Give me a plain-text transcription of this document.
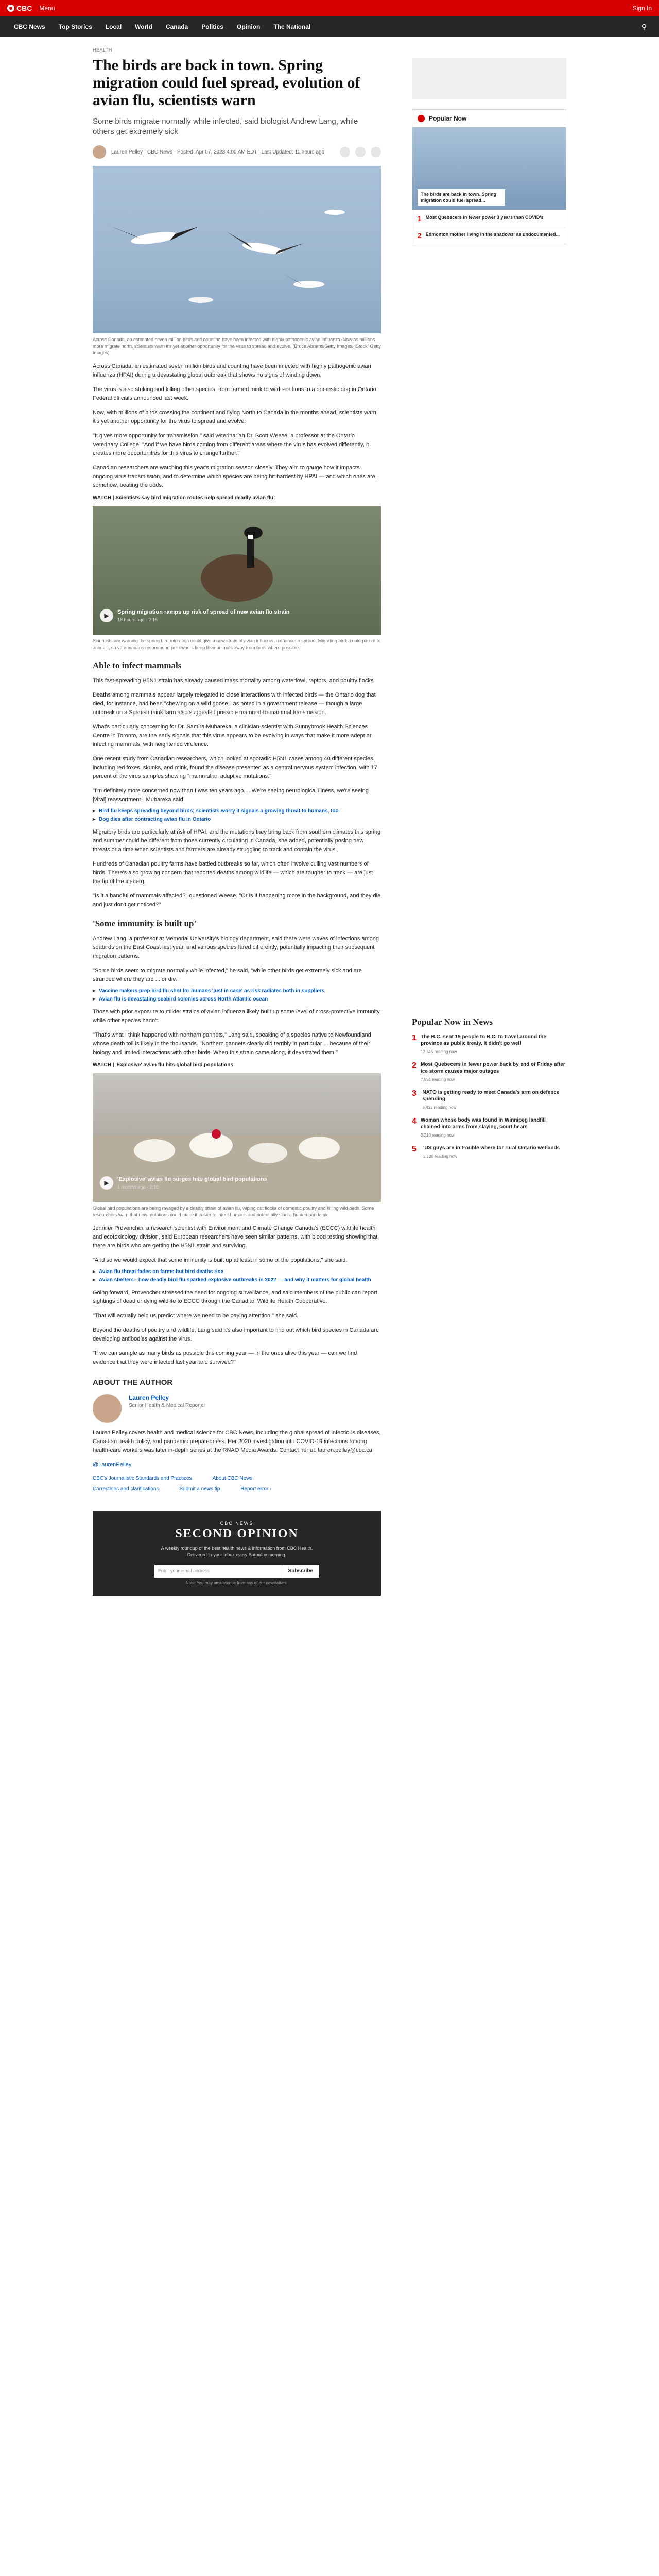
CBC Menu	Sign In
CBC News	Top Stories	Local	World	Canada	Politics	Opinion	The National	⚲
HEALTH
The birds are back in town. Spring migration could fuel spread, evolution of avian flu, scientists warn
Some birds migrate normally while infected, said biologist Andrew Lang, while others get extremely sick
Lauren Pelley · CBC News · Posted: Apr 07, 2023 4:00 AM EDT | Last Updated: 11 hours ago
Across Canada, an estimated seven million birds and counting have been infected with highly pathogenic avian influenza. Now as millions more migrate north, scientists warn it's yet another opportunity for the virus to spread and evolve. (Bruce Abrams/Getty Images/ iStock/ Getty Images)

Across Canada, an estimated seven million birds and counting have been infected with highly pathogenic avian influenza (HPAI) during a devastating global outbreak that shows no signs of winding down.

The virus is also striking and killing other species, from farmed mink to wild sea lions to a domestic dog in Ontario. Federal officials announced last week.

Now, with millions of birds crossing the continent and flying North to Canada in the months ahead, scientists warn it's yet another opportunity for the virus to spread and evolve.

"It gives more opportunity for transmission," said veterinarian Dr. Scott Weese, a professor at the Ontario Veterinary College. "And if we have birds coming from different areas where the virus has evolved differently, it creates more opportunities for this virus to change further."

Canadian researchers are watching this year's migration season closely. They aim to gauge how it impacts ongoing virus transmission, and to determine which species are being hit hardest by HPAI — and which ones are, somehow, beating the odds.

WATCH | Scientists say bird migration routes help spread deadly avian flu:
▶	Spring migration ramps up risk of spread of new avian flu strain
18 hours ago · 2:15
Scientists are warning the spring bird migration could give a new strain of avian influenza a chance to spread. Migrating birds could pass it to animals, so veterinarians recommend pet owners keep their animals away from birds where possible.
Able to infect mammals

This fast-spreading H5N1 strain has already caused mass mortality among waterfowl, raptors, and poultry flocks.

Deaths among mammals appear largely relegated to close interactions with infected birds — the Ontario dog that died, for instance, had been "chewing on a wild goose," as noted in a government release — though a large outbreak on a Spanish mink farm also suggested possible mammal-to-mammal transmission.

What's particularly concerning for Dr. Samira Mubareka, a clinician-scientist with Sunnybrook Health Sciences Centre in Toronto, are the early signals that this virus appears to be evolving in ways that make it more adept at infecting mammals, with heightened virulence.

One recent study from Canadian researchers, which looked at sporadic H5N1 cases among 40 different species including red foxes, skunks, and mink, found the disease presented as a central nervous system infection, with 17 percent of the virus samples showing "mammalian adaptive mutations."

"I'm definitely more concerned now than I was ten years ago.... We're seeing neurological illness, we're seeing [viral] reassortment," Mubareka said.

▸ Bird flu keeps spreading beyond birds; scientists worry it signals a growing threat to humans, too
▸ Dog dies after contracting avian flu in Ontario

Migratory birds are particularly at risk of HPAI, and the mutations they bring back from southern climates this spring and summer could be different from those currently circulating in Canada, she added, potentially posing new threats or a time when scientists and farmers are already struggling to track and contain the virus.

Hundreds of Canadian poultry farms have battled outbreaks so far, which often involve culling vast numbers of birds. There's also growing concern that reported deaths among wildlife — which are tougher to track — are just the tip of the iceberg.

"Is it a handful of mammals affected?" questioned Weese. "Or is it happening more in the background, and they die and just don't get noticed?"

'Some immunity is built up'

Andrew Lang, a professor at Memorial University's biology department, said there were waves of infections among seabirds on the East Coast last year, and various species fared differently, potentially impacting their subsequent migration patterns.

"Some birds seem to migrate normally while infected," he said, "while other birds get extremely sick and are stranded where they are ... or die."

▸ Vaccine makers prep bird flu shot for humans 'just in case' as risk radiates both in suppliers
▸ Avian flu is devastating seabird colonies across North Atlantic ocean

Those with prior exposure to milder strains of avian influenza likely built up some level of cross-protective immunity, while other species hadn't.

"That's what I think happened with northern gannets," Lang said, speaking of a species native to Newfoundland whose death toll is likely in the thousands. "Northern gannets clearly did terribly in particular ... because of their biology and limited interactions with other birds. When this strain came along, it devastated them."

WATCH | 'Explosive' avian flu hits global bird populations:
▶	'Explosive' avian flu surges hits global bird populations
4 months ago · 2:10
Global bird populations are being ravaged by a deadly strain of avian flu, wiping out flocks of domestic poultry and killing wild birds. Some researchers warn that new mutations could make it easier to infect humans and potentially start a human pandemic.

Jennifer Provencher, a research scientist with Environment and Climate Change Canada's (ECCC) wildlife health and ecotoxicology division, said European researchers have seen similar patterns, with blood testing showing that there are birds who are getting the H5N1 strain and surviving.

"And so we would expect that some immunity is built up at least in some of the populations," she said.

▸ Avian flu threat fades on farms but bird deaths rise
▸ Avian shelters - how deadly bird flu sparked explosive outbreaks in 2022 — and why it matters for global health

Going forward, Provencher stressed the need for ongoing surveillance, and said members of the public can report sightings of dead or dying wildlife to ECCC through the Canadian Wildlife Health Cooperative.

"That will actually help us predict where we need to be paying attention," she said.

Beyond the deaths of poultry and wildlife, Lang said it's also important to find out which bird species in Canada are developing antibodies against the virus.

"If we can sample as many birds as possible this coming year — in the ones alive this year — can we find evidence that they were infected last year and survived?"

ABOUT THE AUTHOR
Lauren Pelley
Senior Health & Medical Reporter

Lauren Pelley covers health and medical science for CBC News, including the global spread of infectious diseases, Canadian health policy, and pandemic preparedness. Her 2020 investigation into COVID-19 infections among health-care workers was later in-depth series at the RNAO Media Awards. Contact her at: lauren.pelley@cbc.ca

@LaurenPelley

CBC's Journalistic Standards and Practices	About CBC News
Corrections and clarifications	Submit a news tip	Report error ›
CBC NEWS
SECOND OPINION
A weekly roundup of the best health news & information from CBC Health. Delivered to your inbox every Saturday morning.
Enter your email address	Subscribe
Note: You may unsubscribe from any of our newsletters.
Popular Now
The birds are back in town. Spring migration could fuel spread...
1 Most Quebecers in fewer power 3 years than COVID's
2 Edmonton mother living in the shadows' as undocumented...
Popular Now in News
1 The B.C. sent 19 people to B.C. to travel around the province as public treaty. It didn't go well
12,345 reading now
2 Most Quebecers in fewer power back by end of Friday after ice storm causes major outages
7,891 reading now
3	NATO is getting ready to meet Canada's arm on defence spending
5,432 reading now
4 Woman whose body was found in Winnipeg landfill chained into arms from slaying, court hears
3,210 reading now
5	'US guys are in trouble where for rural Ontario wetlands
2,109 reading now
